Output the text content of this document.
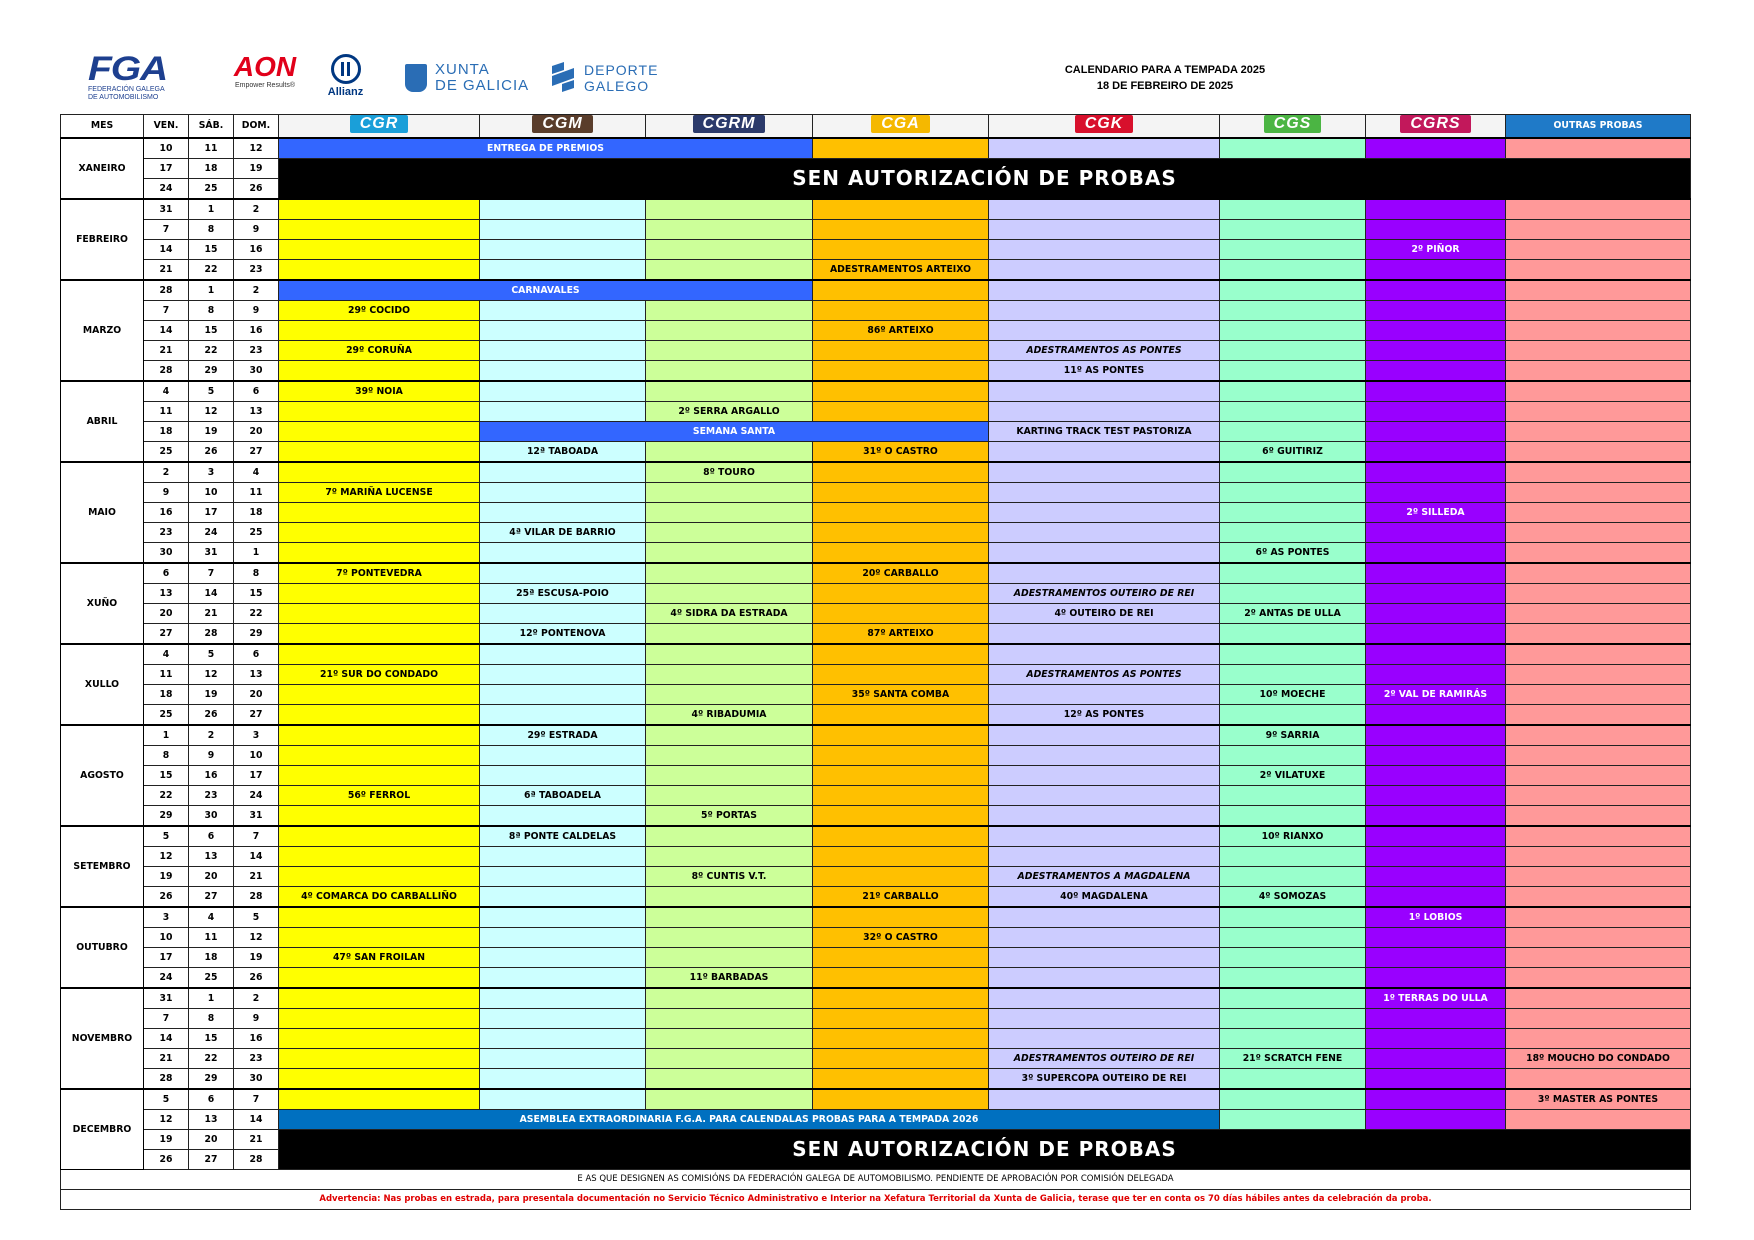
FGA
FEDERACIÓN GALEGA
DE AUTOMOBILISMO
AON
Empower Results®
Allianz
XUNTA
DE GALICIA
DEPORTE
GALEGO
CALENDARIO PARA A TEMPADA 2025
18 DE FEBREIRO DE 2025
MES	VEN.	SÁB.	DOM.	CGR	CGM	CGRM	CGA	CGK	CGS	CGRS	OUTRAS PROBAS
XANEIRO	10	11	12	ENTREGA DE PREMIOS							
	17	18	19	SEN AUTORIZACIÓN DE PROBAS							
	24	25	26								
FEBREIRO	31	1	2								
	7	8	9								
	14	15	16							2º PIÑOR	
	21	22	23				ADESTRAMENTOS ARTEIXO				
MARZO	28	1	2	CARNAVALES							
	7	8	9	29º COCIDO							
	14	15	16				86º ARTEIXO				
	21	22	23	29º CORUÑA				ADESTRAMENTOS AS PONTES			
	28	29	30					11º AS PONTES			
ABRIL	4	5	6	39º NOIA							
	11	12	13			2º SERRA ARGALLO					
	18	19	20		SEMANA SANTA			KARTING TRACK TEST PASTORIZA			
	25	26	27		12ª TABOADA		31º O CASTRO		6º GUITIRIZ		
MAIO	2	3	4			8º TOURO					
	9	10	11	7º MARIÑA LUCENSE							
	16	17	18							2º SILLEDA	
	23	24	25		4ª VILAR DE BARRIO						
	30	31	1						6º AS PONTES		
XUÑO	6	7	8	7º PONTEVEDRA			20º CARBALLO				
	13	14	15		25ª ESCUSA-POIO			ADESTRAMENTOS OUTEIRO DE REI			
	20	21	22			4º SIDRA DA ESTRADA		4º OUTEIRO DE REI	2º ANTAS DE ULLA		
	27	28	29		12º PONTENOVA		87º ARTEIXO				
XULLO	4	5	6								
	11	12	13	21º SUR DO CONDADO				ADESTRAMENTOS AS PONTES			
	18	19	20				35º SANTA COMBA		10º MOECHE	2º VAL DE RAMIRÁS	
	25	26	27			4º RIBADUMIA		12º AS PONTES			
AGOSTO	1	2	3		29º ESTRADA				9º SARRIA		
	8	9	10								
	15	16	17						2º VILATUXE		
	22	23	24	56º FERROL	6ª TABOADELA						
	29	30	31			5º PORTAS					
SETEMBRO	5	6	7		8ª PONTE CALDELAS				10º RIANXO		
	12	13	14								
	19	20	21			8º CUNTIS V.T.		ADESTRAMENTOS A MAGDALENA			
	26	27	28	4º COMARCA DO CARBALLIÑO			21º CARBALLO	40º MAGDALENA	4º SOMOZAS		
OUTUBRO	3	4	5							1º LOBIOS	
	10	11	12				32º O CASTRO				
	17	18	19	47º SAN FROILAN							
	24	25	26			11º BARBADAS					
NOVEMBRO	31	1	2							1º TERRAS DO ULLA	
	7	8	9								
	14	15	16								
	21	22	23					ADESTRAMENTOS OUTEIRO DE REI	21º SCRATCH FENE		18º MOUCHO DO CONDADO
	28	29	30					3º SUPERCOPA OUTEIRO DE REI			
DECEMBRO	5	6	7								3º MASTER AS PONTES
	12	13	14	ASEMBLEA EXTRAORDINARIA F.G.A. PARA CALENDALAS PROBAS PARA A TEMPADA 2026							
	19	20	21	SEN AUTORIZACIÓN DE PROBAS							
	26	27	28								
E AS QUE DESIGNEN AS COMISIÓNS DA FEDERACIÓN GALEGA DE AUTOMOBILISMO. PENDIENTE DE APROBACIÓN POR COMISIÓN DELEGADA											
Advertencia: Nas probas en estrada, para presentala documentación no Servicio Técnico Administrativo e Interior na Xefatura Territorial da Xunta de Galicia, terase que ter en conta os 70 días hábiles antes da celebración da proba.											
